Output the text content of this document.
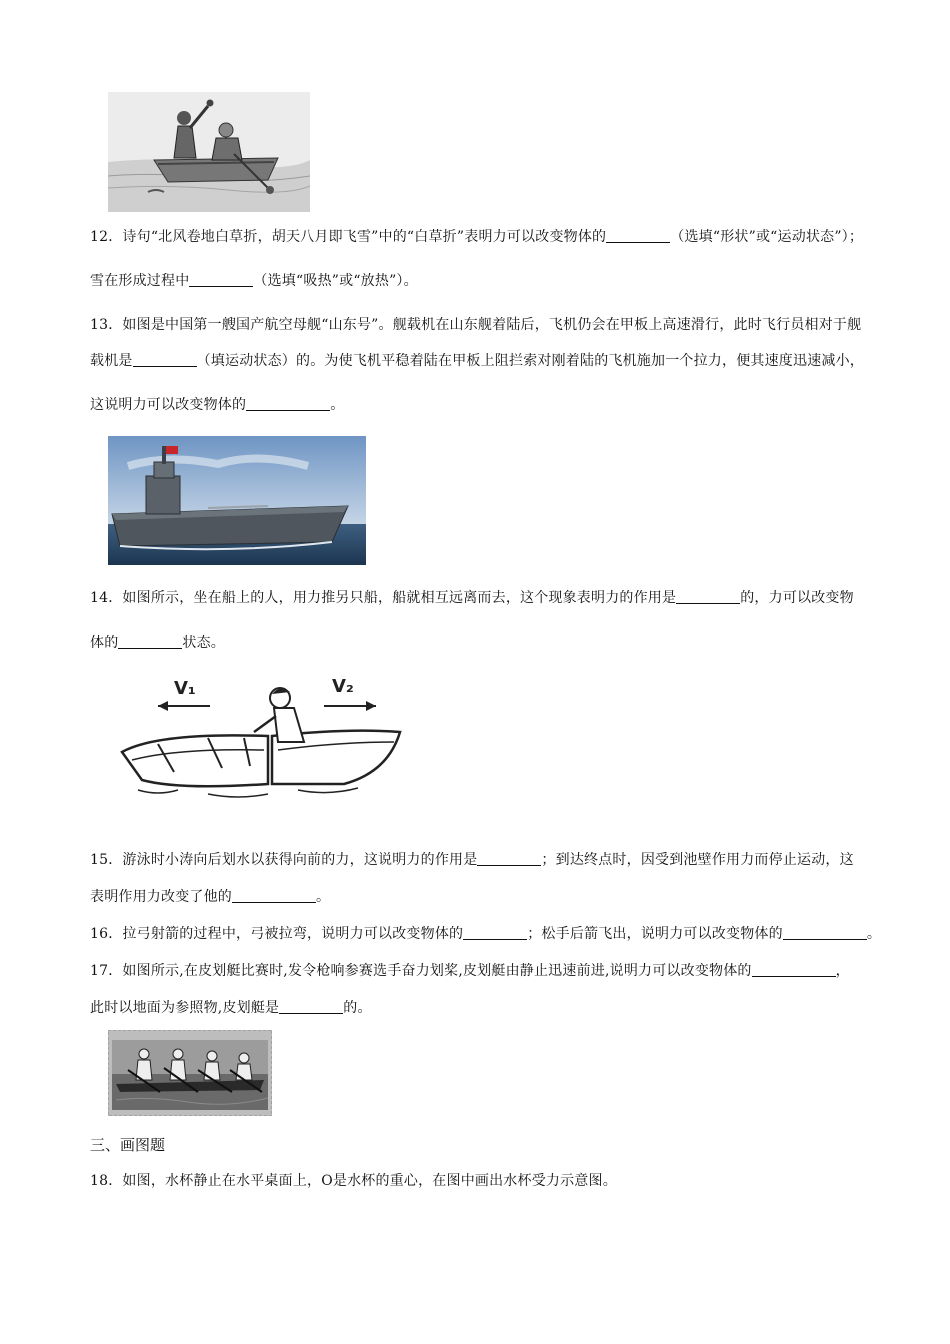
12．诗句“北风卷地白草折，胡天八月即飞雪”中的“白草折”表明力可以改变物体的	（选填“形状”或“运动状态”）；
雪在形成过程中	（选填“吸热”或“放热”）。
13．如图是中国第一艘国产航空母舰“山东号”。舰载机在山东舰着陆后，飞机仍会在甲板上高速滑行，此时飞行员相对于舰
载机是	（填运动状态）的。为使飞机平稳着陆在甲板上阻拦索对刚着陆的飞机施加一个拉力，便其速度迅速减小，
这说明力可以改变物体的	。
14．如图所示，坐在船上的人，用力推另只船，船就相互远离而去，这个现象表明力的作用是	的，力可以改变物
体的	状态。
V₁	V₂
15．游泳时小涛向后划水以获得向前的力，这说明力的作用是	；到达终点时，因受到池壁作用力而停止运动，这
表明作用力改变了他的	。
16．拉弓射箭的过程中，弓被拉弯，说明力可以改变物体的	；松手后箭飞出，说明力可以改变物体的	。
17．如图所示,在皮划艇比赛时,发令枪响参赛选手奋力划桨,皮划艇由静止迅速前进,说明力可以改变物体的	，
此时以地面为参照物,皮划艇是	的。
三、画图题
18．如图，水杯静止在水平桌面上，O是水杯的重心，在图中画出水杯受力示意图。
